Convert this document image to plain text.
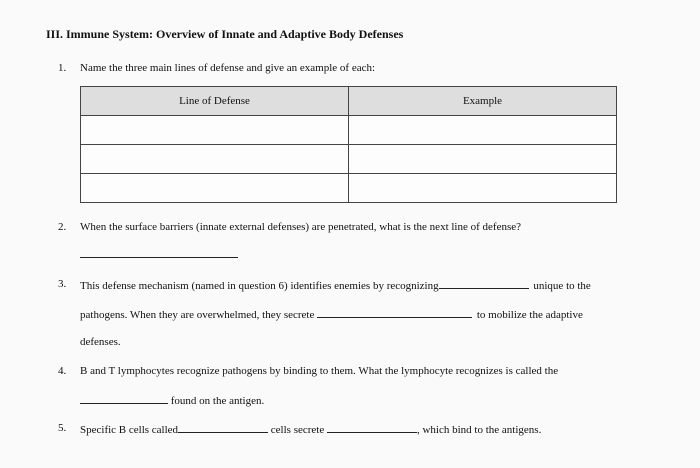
III. Immune System: Overview of Innate and Adaptive Body Defenses
1. Name the three main lines of defense and give an example of each:
Line of Defense	Example

2. When the surface barriers (innate external defenses) are penetrated, what is the next line of defense?
3. This defense mechanism (named in question 6) identifies enemies by recognizing	unique to the
pathogens. When they are overwhelmed, they secrete	to mobilize the adaptive
defenses.
4. B and T lymphocytes recognize pathogens by binding to them. What the lymphocyte recognizes is called the
found on the antigen.
5. Specific B cells called	cells secrete	, which bind to the antigens.
